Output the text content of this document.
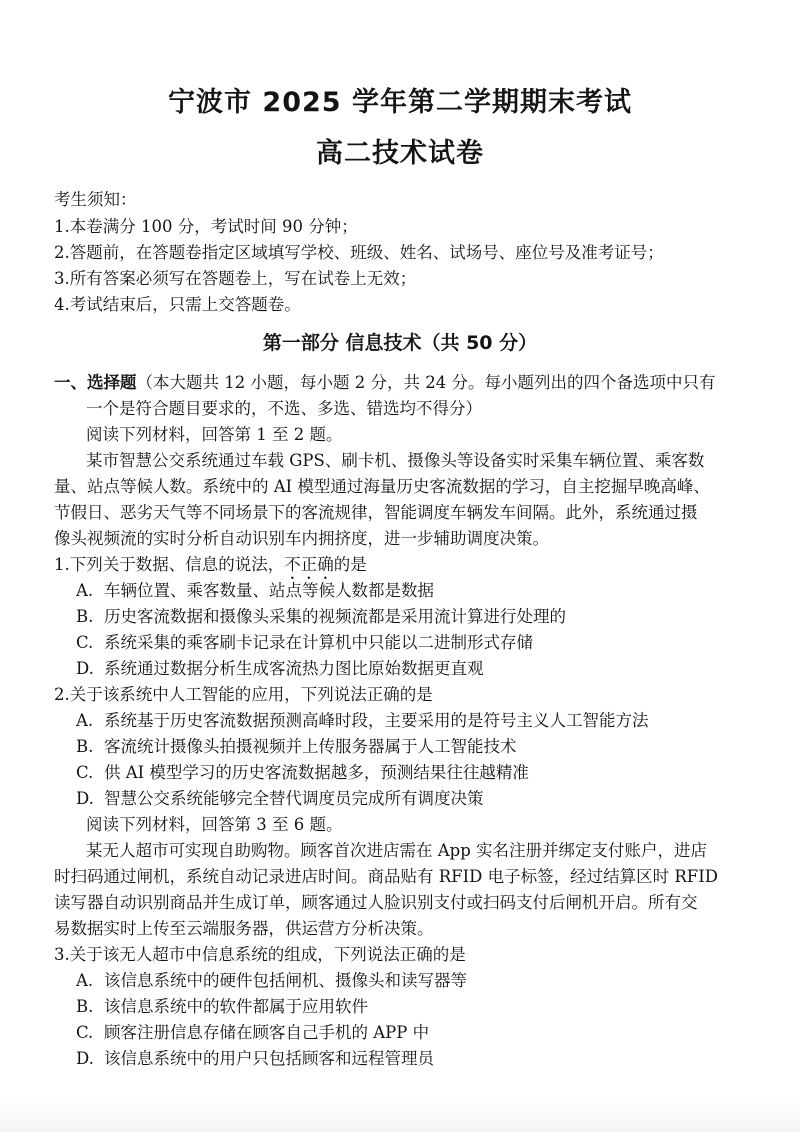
宁波市 2025 学年第二学期期末考试
高二技术试卷
考生须知：
1.本卷满分 100 分，考试时间 90 分钟；
2.答题前，在答题卷指定区域填写学校、班级、姓名、试场号、座位号及准考证号；
3.所有答案必须写在答题卷上，写在试卷上无效；
4.考试结束后，只需上交答题卷。
第一部分 信息技术（共 50 分）
一、选择题（本大题共 12 小题，每小题 2 分，共 24 分。每小题列出的四个备选项中只有
一个是符合题目要求的，不选、多选、错选均不得分）
阅读下列材料，回答第 1 至 2 题。
某市智慧公交系统通过车载 GPS、刷卡机、摄像头等设备实时采集车辆位置、乘客数
量、站点等候人数。系统中的 AI 模型通过海量历史客流数据的学习，自主挖掘早晚高峰、
节假日、恶劣天气等不同场景下的客流规律，智能调度车辆发车间隔。此外，系统通过摄
像头视频流的实时分析自动识别车内拥挤度，进一步辅助调度决策。
1.下列关于数据、信息的说法，不正确的是
A. 车辆位置、乘客数量、站点等候人数都是数据
B. 历史客流数据和摄像头采集的视频流都是采用流计算进行处理的
C. 系统采集的乘客刷卡记录在计算机中只能以二进制形式存储
D. 系统通过数据分析生成客流热力图比原始数据更直观
2.关于该系统中人工智能的应用，下列说法正确的是
A. 系统基于历史客流数据预测高峰时段，主要采用的是符号主义人工智能方法
B. 客流统计摄像头拍摄视频并上传服务器属于人工智能技术
C. 供 AI 模型学习的历史客流数据越多，预测结果往往越精准
D. 智慧公交系统能够完全替代调度员完成所有调度决策
阅读下列材料，回答第 3 至 6 题。
某无人超市可实现自助购物。顾客首次进店需在 App 实名注册并绑定支付账户，进店
时扫码通过闸机，系统自动记录进店时间。商品贴有 RFID 电子标签，经过结算区时 RFID
读写器自动识别商品并生成订单，顾客通过人脸识别支付或扫码支付后闸机开启。所有交
易数据实时上传至云端服务器，供运营方分析决策。
3.关于该无人超市中信息系统的组成，下列说法正确的是
A. 该信息系统中的硬件包括闸机、摄像头和读写器等
B. 该信息系统中的软件都属于应用软件
C. 顾客注册信息存储在顾客自己手机的 APP 中
D. 该信息系统中的用户只包括顾客和远程管理员
